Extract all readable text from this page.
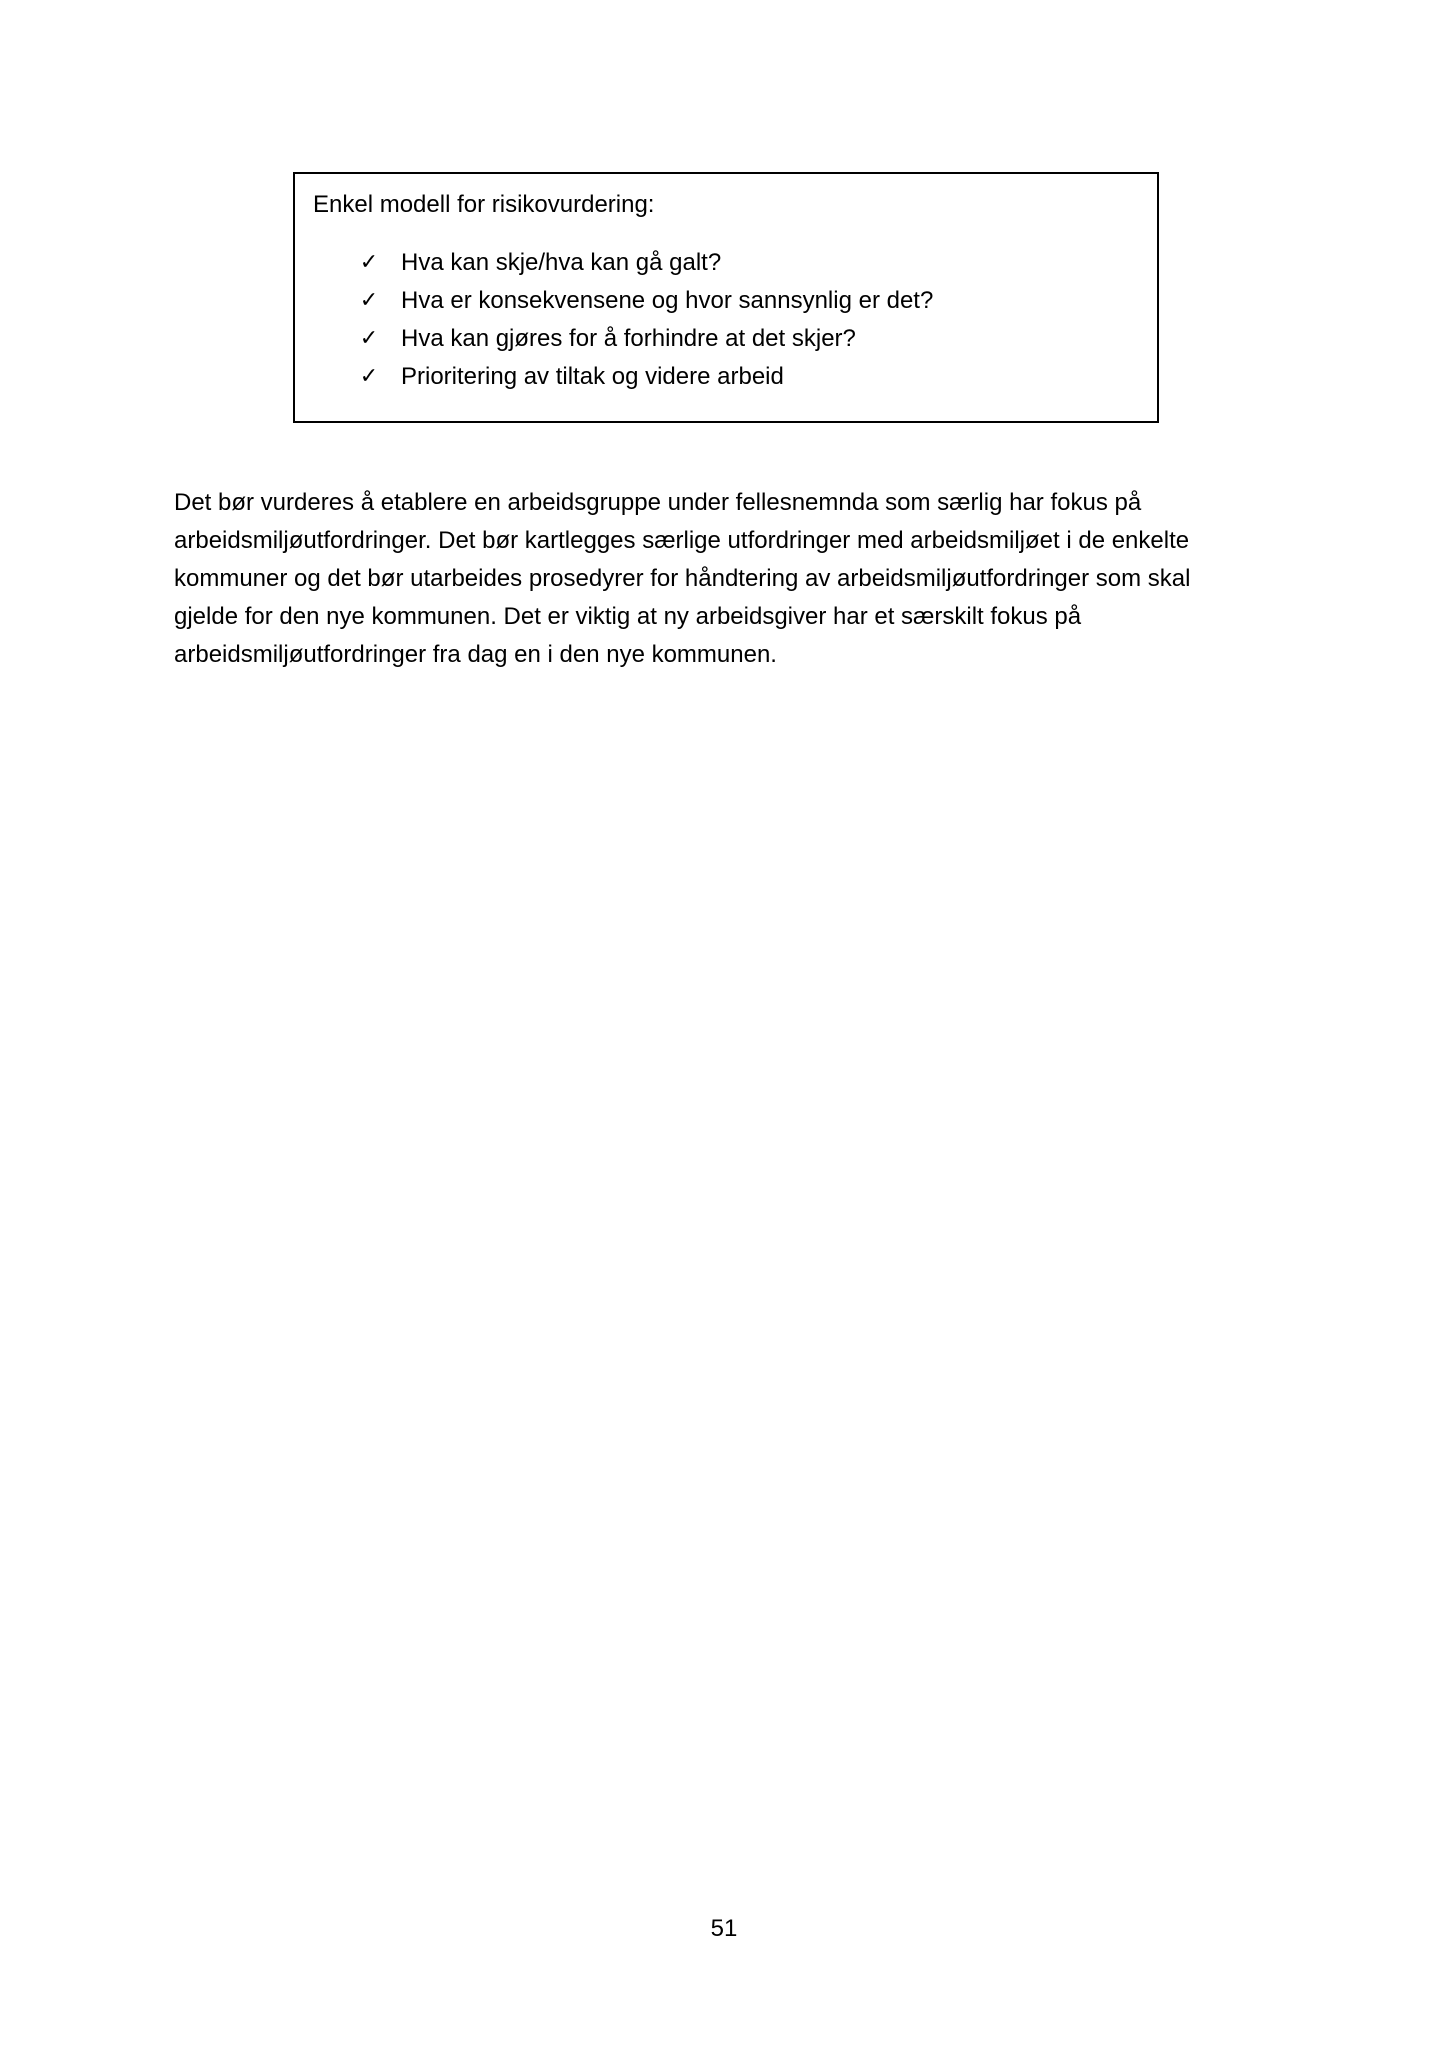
Enkel modell for risikovurdering:

✓ Hva kan skje/hva kan gå galt?
✓ Hva er konsekvensene og hvor sannsynlig er det?
✓ Hva kan gjøres for å forhindre at det skjer?
✓ Prioritering av tiltak og videre arbeid

Det bør vurderes å etablere en arbeidsgruppe under fellesnemnda som særlig har fokus på
arbeidsmiljøutfordringer. Det bør kartlegges særlige utfordringer med arbeidsmiljøet i de enkelte
kommuner og det bør utarbeides prosedyrer for håndtering av arbeidsmiljøutfordringer som skal
gjelde for den nye kommunen. Det er viktig at ny arbeidsgiver har et særskilt fokus på
arbeidsmiljøutfordringer fra dag en i den nye kommunen.

51
